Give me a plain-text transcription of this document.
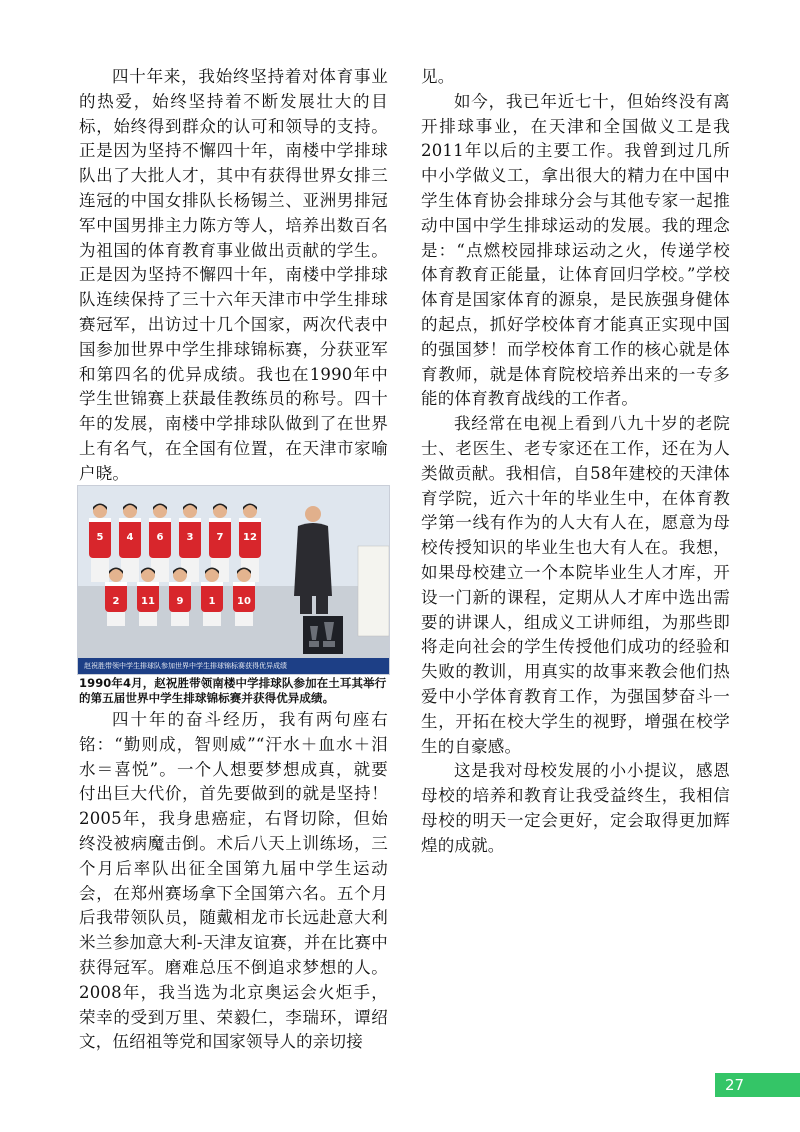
四十年来，我始终坚持着对体育事业的热爱，始终坚持着不断发展壮大的目标，始终得到群众的认可和领导的支持。正是因为坚持不懈四十年，南楼中学排球队出了大批人才，其中有获得世界女排三连冠的中国女排队长杨锡兰、亚洲男排冠军中国男排主力陈方等人，培养出数百名为祖国的体育教育事业做出贡献的学生。正是因为坚持不懈四十年，南楼中学排球队连续保持了三十六年天津市中学生排球赛冠军，出访过十几个国家，两次代表中国参加世界中学生排球锦标赛，分获亚军和第四名的优异成绩。我也在1990年中学生世锦赛上获最佳教练员的称号。四十年的发展，南楼中学排球队做到了在世界上有名气，在全国有位置，在天津市家喻户晓。

5 4 6 3 7 12
2 11 9	1 10
赵祝胜带领中学生排球队参加世界中学生排球锦标赛获得优异成绩
1990年4月，赵祝胜带领南楼中学排球队参加在土耳其举行的第五届世界中学生排球锦标赛并获得优异成绩。

四十年的奋斗经历，我有两句座右铭：“勤则成，智则威”“汗水＋血水＋泪水＝喜悦”。一个人想要梦想成真，就要付出巨大代价，首先要做到的就是坚持！2005年，我身患癌症，右肾切除，但始终没被病魔击倒。术后八天上训练场，三个月后率队出征全国第九届中学生运动会，在郑州赛场拿下全国第六名。五个月后我带领队员，随戴相龙市长远赴意大利米兰参加意大利-天津友谊赛，并在比赛中获得冠军。磨难总压不倒追求梦想的人。2008年，我当选为北京奥运会火炬手，荣幸的受到万里、荣毅仁，李瑞环，谭绍文，伍绍祖等党和国家领导人的亲切接

见。

如今，我已年近七十，但始终没有离开排球事业，在天津和全国做义工是我2011年以后的主要工作。我曾到过几所中小学做义工，拿出很大的精力在中国中学生体育协会排球分会与其他专家一起推动中国中学生排球运动的发展。我的理念是：“点燃校园排球运动之火，传递学校体育教育正能量，让体育回归学校。”学校体育是国家体育的源泉，是民族强身健体的起点，抓好学校体育才能真正实现中国的强国梦！而学校体育工作的核心就是体育教师，就是体育院校培养出来的一专多能的体育教育战线的工作者。

我经常在电视上看到八九十岁的老院士、老医生、老专家还在工作，还在为人类做贡献。我相信，自58年建校的天津体育学院，近六十年的毕业生中，在体育教学第一线有作为的人大有人在，愿意为母校传授知识的毕业生也大有人在。我想，如果母校建立一个本院毕业生人才库，开设一门新的课程，定期从人才库中选出需要的讲课人，组成义工讲师组，为那些即将走向社会的学生传授他们成功的经验和失败的教训，用真实的故事来教会他们热爱中小学体育教育工作，为强国梦奋斗一生，开拓在校大学生的视野，增强在校学生的自豪感。

这是我对母校发展的小小提议，感恩母校的培养和教育让我受益终生，我相信母校的明天一定会更好，定会取得更加辉煌的成就。

27
